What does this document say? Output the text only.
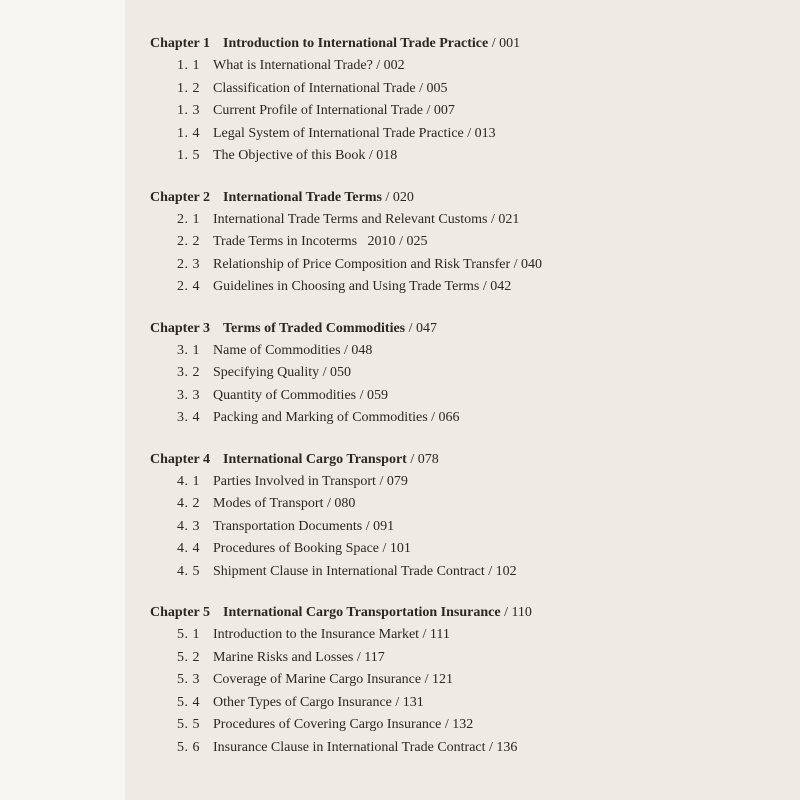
Chapter 1 Introduction to International Trade Practice / 001
1. 1 What is International Trade? / 002
1. 2 Classification of International Trade / 005
1. 3 Current Profile of International Trade / 007
1. 4 Legal System of International Trade Practice / 013
1. 5 The Objective of this Book / 018
Chapter 2 International Trade Terms / 020
2. 1 International Trade Terms and Relevant Customs / 021
2. 2 Trade Terms in Incoterms   2010 / 025
2. 3 Relationship of Price Composition and Risk Transfer / 040
2. 4 Guidelines in Choosing and Using Trade Terms / 042
Chapter 3 Terms of Traded Commodities / 047
3. 1 Name of Commodities / 048
3. 2 Specifying Quality / 050
3. 3 Quantity of Commodities / 059
3. 4 Packing and Marking of Commodities / 066
Chapter 4 International Cargo Transport / 078
4. 1 Parties Involved in Transport / 079
4. 2 Modes of Transport / 080
4. 3 Transportation Documents / 091
4. 4 Procedures of Booking Space / 101
4. 5 Shipment Clause in International Trade Contract / 102
Chapter 5 International Cargo Transportation Insurance / 110
5. 1 Introduction to the Insurance Market / 111
5. 2 Marine Risks and Losses / 117
5. 3 Coverage of Marine Cargo Insurance / 121
5. 4 Other Types of Cargo Insurance / 131
5. 5 Procedures of Covering Cargo Insurance / 132
5. 6 Insurance Clause in International Trade Contract / 136
